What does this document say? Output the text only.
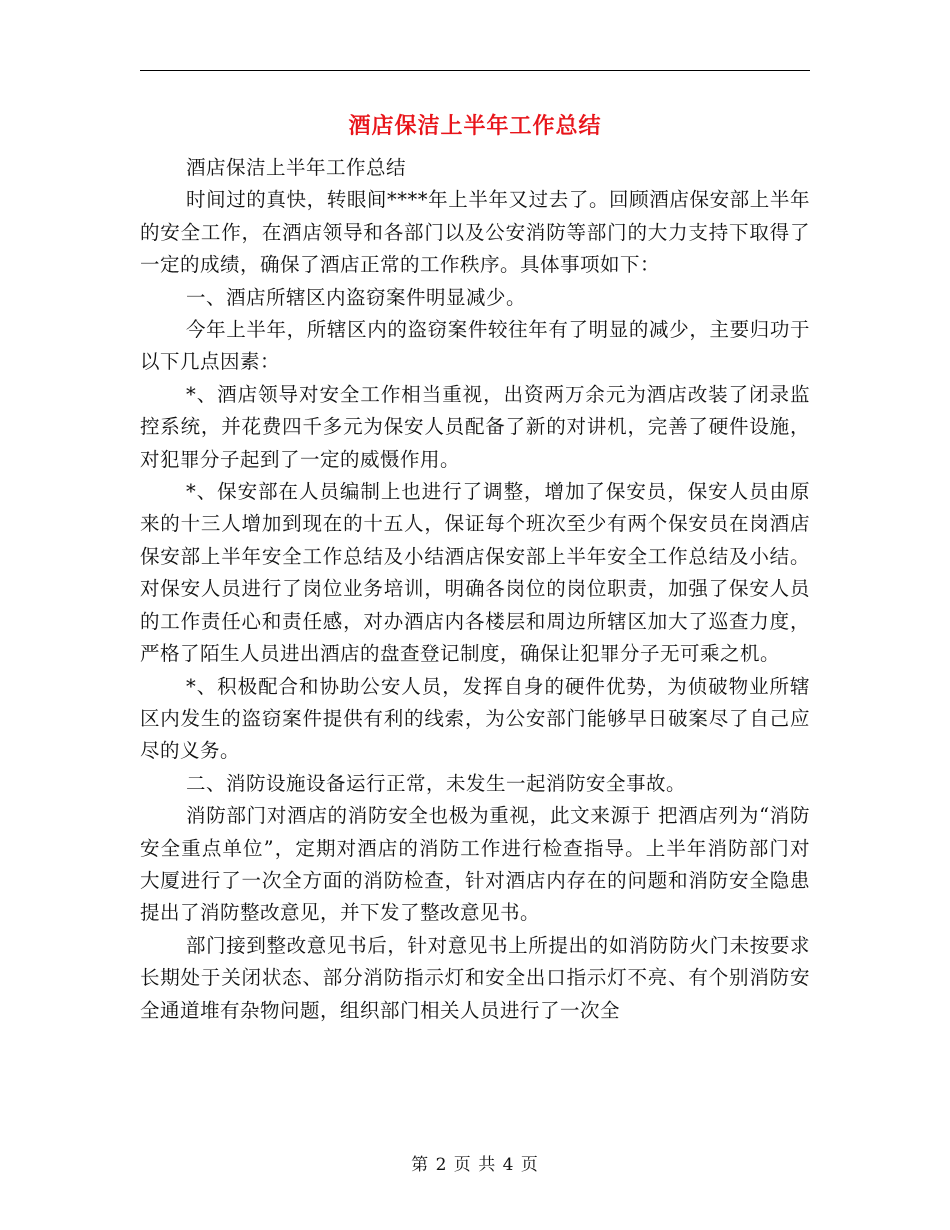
酒店保洁上半年工作总结

酒店保洁上半年工作总结

时间过的真快，转眼间****年上半年又过去了。回顾酒店保安部上半年的安全工作，在酒店领导和各部门以及公安消防等部门的大力支持下取得了一定的成绩，确保了酒店正常的工作秩序。具体事项如下：

一、酒店所辖区内盗窃案件明显减少。

今年上半年，所辖区内的盗窃案件较往年有了明显的减少，主要归功于以下几点因素：

*、酒店领导对安全工作相当重视，出资两万余元为酒店改装了闭录监控系统，并花费四千多元为保安人员配备了新的对讲机，完善了硬件设施，对犯罪分子起到了一定的威慑作用。

*、保安部在人员编制上也进行了调整，增加了保安员，保安人员由原来的十三人增加到现在的十五人，保证每个班次至少有两个保安员在岗酒店保安部上半年安全工作总结及小结酒店保安部上半年安全工作总结及小结。对保安人员进行了岗位业务培训，明确各岗位的岗位职责，加强了保安人员的工作责任心和责任感，对办酒店内各楼层和周边所辖区加大了巡查力度，严格了陌生人员进出酒店的盘查登记制度，确保让犯罪分子无可乘之机。

*、积极配合和协助公安人员，发挥自身的硬件优势，为侦破物业所辖区内发生的盗窃案件提供有利的线索，为公安部门能够早日破案尽了自己应尽的义务。

二、消防设施设备运行正常，未发生一起消防安全事故。

消防部门对酒店的消防安全也极为重视，此文来源于 把酒店列为“消防安全重点单位”，定期对酒店的消防工作进行检查指导。上半年消防部门对大厦进行了一次全方面的消防检查，针对酒店内存在的问题和消防安全隐患提出了消防整改意见，并下发了整改意见书。

部门接到整改意见书后，针对意见书上所提出的如消防防火门未按要求长期处于关闭状态、部分消防指示灯和安全出口指示灯不亮、有个别消防安全通道堆有杂物问题，组织部门相关人员进行了一次全

第 2 页 共 4 页
